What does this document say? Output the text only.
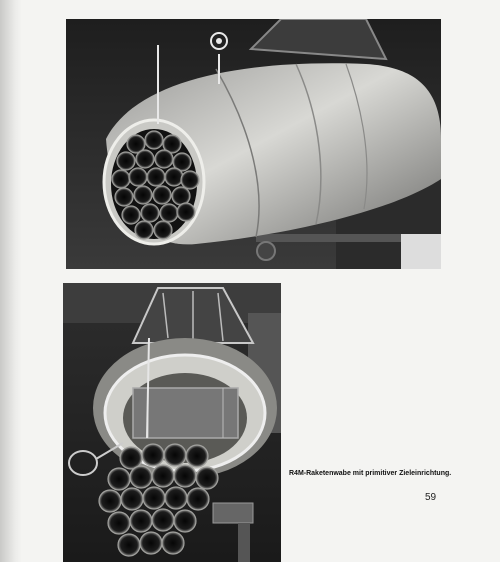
R4M-Raketenwabe mit primitiver Zieleinrichtung.
59
